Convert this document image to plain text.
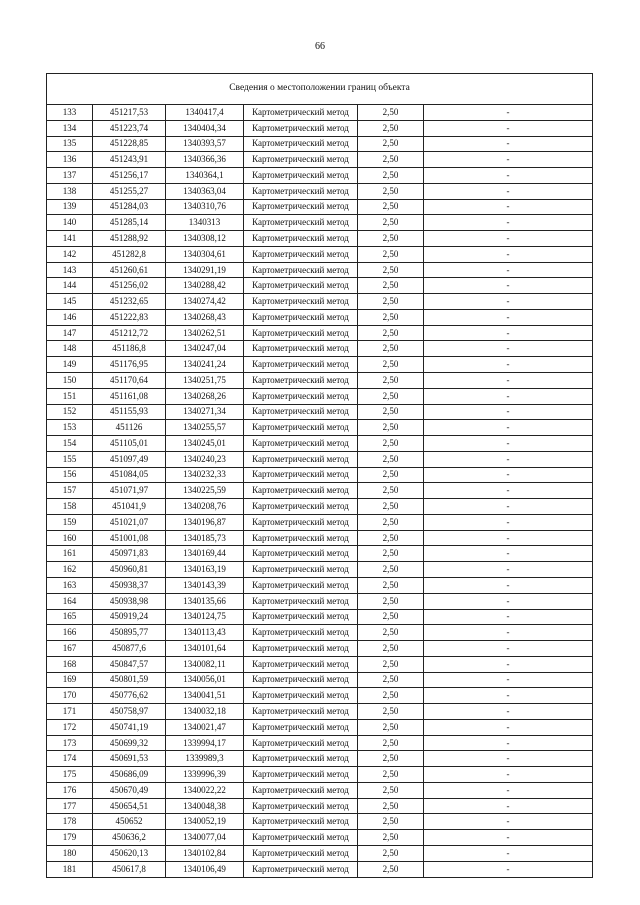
66
Сведения о местоположении границ объекта					
133	451217,53	1340417,4	Картометрический метод	2,50	-
134	451223,74	1340404,34	Картометрический метод	2,50	-
135	451228,85	1340393,57	Картометрический метод	2,50	-
136	451243,91	1340366,36	Картометрический метод	2,50	-
137	451256,17	1340364,1	Картометрический метод	2,50	-
138	451255,27	1340363,04	Картометрический метод	2,50	-
139	451284,03	1340310,76	Картометрический метод	2,50	-
140	451285,14	1340313	Картометрический метод	2,50	-
141	451288,92	1340308,12	Картометрический метод	2,50	-
142	451282,8	1340304,61	Картометрический метод	2,50	-
143	451260,61	1340291,19	Картометрический метод	2,50	-
144	451256,02	1340288,42	Картометрический метод	2,50	-
145	451232,65	1340274,42	Картометрический метод	2,50	-
146	451222,83	1340268,43	Картометрический метод	2,50	-
147	451212,72	1340262,51	Картометрический метод	2,50	-
148	451186,8	1340247,04	Картометрический метод	2,50	-
149	451176,95	1340241,24	Картометрический метод	2,50	-
150	451170,64	1340251,75	Картометрический метод	2,50	-
151	451161,08	1340268,26	Картометрический метод	2,50	-
152	451155,93	1340271,34	Картометрический метод	2,50	-
153	451126	1340255,57	Картометрический метод	2,50	-
154	451105,01	1340245,01	Картометрический метод	2,50	-
155	451097,49	1340240,23	Картометрический метод	2,50	-
156	451084,05	1340232,33	Картометрический метод	2,50	-
157	451071,97	1340225,59	Картометрический метод	2,50	-
158	451041,9	1340208,76	Картометрический метод	2,50	-
159	451021,07	1340196,87	Картометрический метод	2,50	-
160	451001,08	1340185,73	Картометрический метод	2,50	-
161	450971,83	1340169,44	Картометрический метод	2,50	-
162	450960,81	1340163,19	Картометрический метод	2,50	-
163	450938,37	1340143,39	Картометрический метод	2,50	-
164	450938,98	1340135,66	Картометрический метод	2,50	-
165	450919,24	1340124,75	Картометрический метод	2,50	-
166	450895,77	1340113,43	Картометрический метод	2,50	-
167	450877,6	1340101,64	Картометрический метод	2,50	-
168	450847,57	1340082,11	Картометрический метод	2,50	-
169	450801,59	1340056,01	Картометрический метод	2,50	-
170	450776,62	1340041,51	Картометрический метод	2,50	-
171	450758,97	1340032,18	Картометрический метод	2,50	-
172	450741,19	1340021,47	Картометрический метод	2,50	-
173	450699,32	1339994,17	Картометрический метод	2,50	-
174	450691,53	1339989,3	Картометрический метод	2,50	-
175	450686,09	1339996,39	Картометрический метод	2,50	-
176	450670,49	1340022,22	Картометрический метод	2,50	-
177	450654,51	1340048,38	Картометрический метод	2,50	-
178	450652	1340052,19	Картометрический метод	2,50	-
179	450636,2	1340077,04	Картометрический метод	2,50	-
180	450620,13	1340102,84	Картометрический метод	2,50	-
181	450617,8	1340106,49	Картометрический метод	2,50	-
